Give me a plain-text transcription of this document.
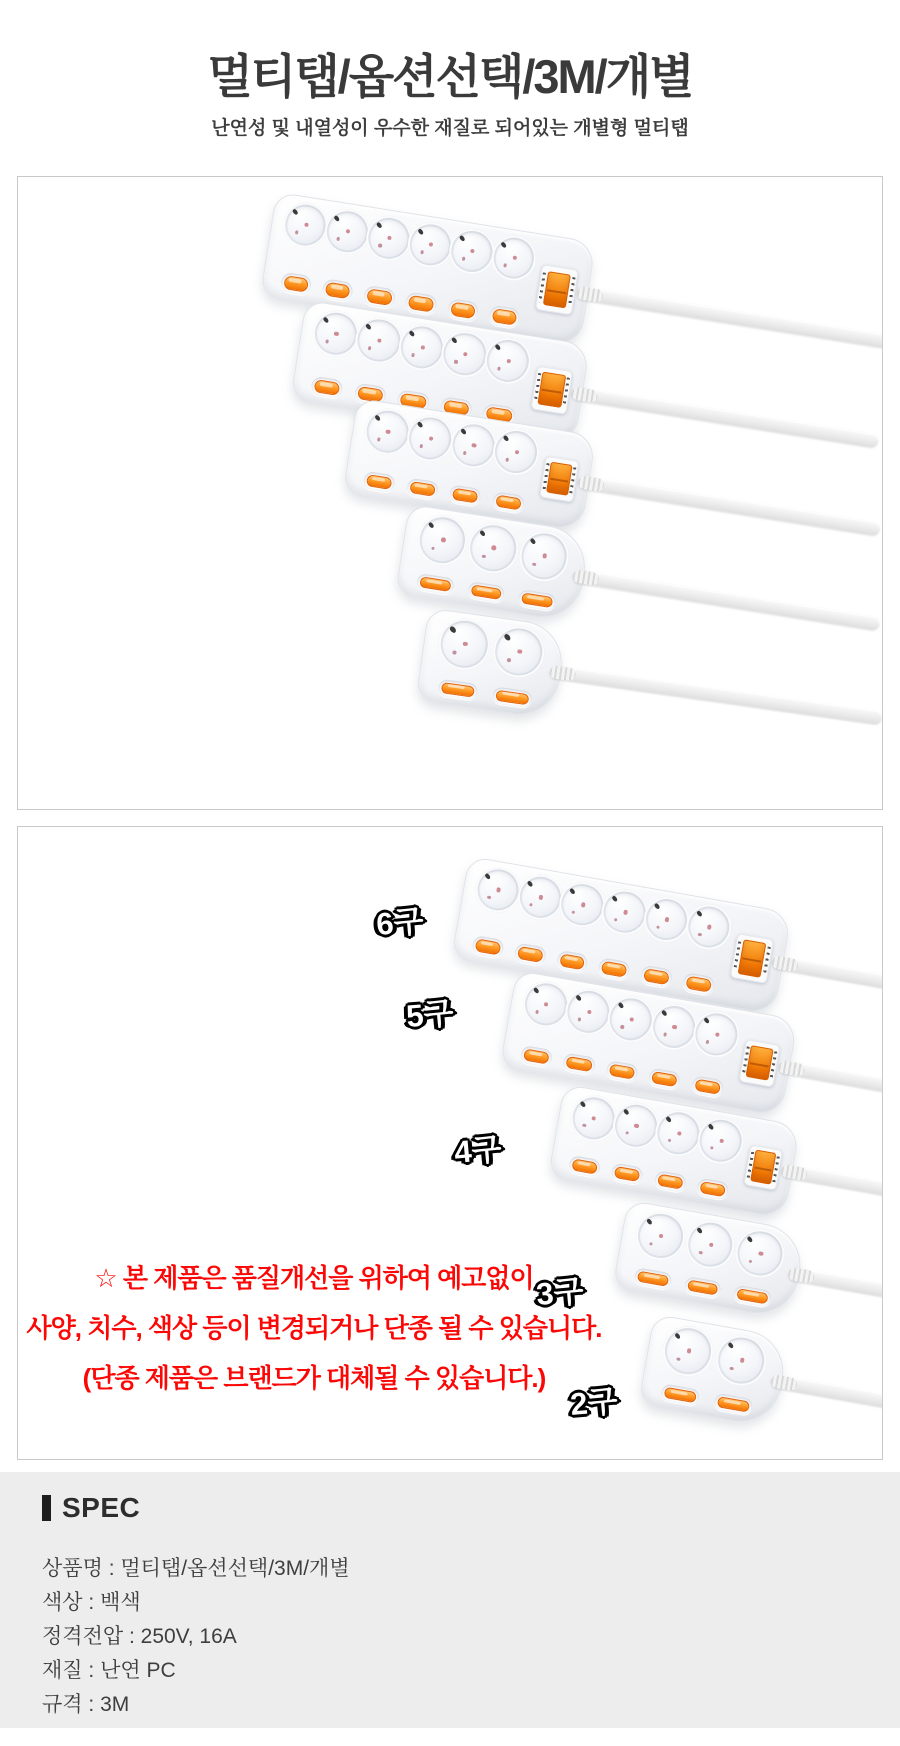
멀티탭/옵션선택/3M/개별
난연성 및 내열성이 우수한 재질로 되어있는 개별형 멀티탭
☆ 본 제품은 품질개선을 위하여 예고없이
사양, 치수, 색상 등이 변경되거나 단종 될 수 있습니다.
(단종 제품은 브랜드가 대체될 수 있습니다.)
6구
5구
4구
3구
2구
SPEC
상품명 : 멀티탭/옵션선택/3M/개별
색상 : 백색
정격전압 : 250V, 16A
재질 : 난연 PC
규격 : 3M
